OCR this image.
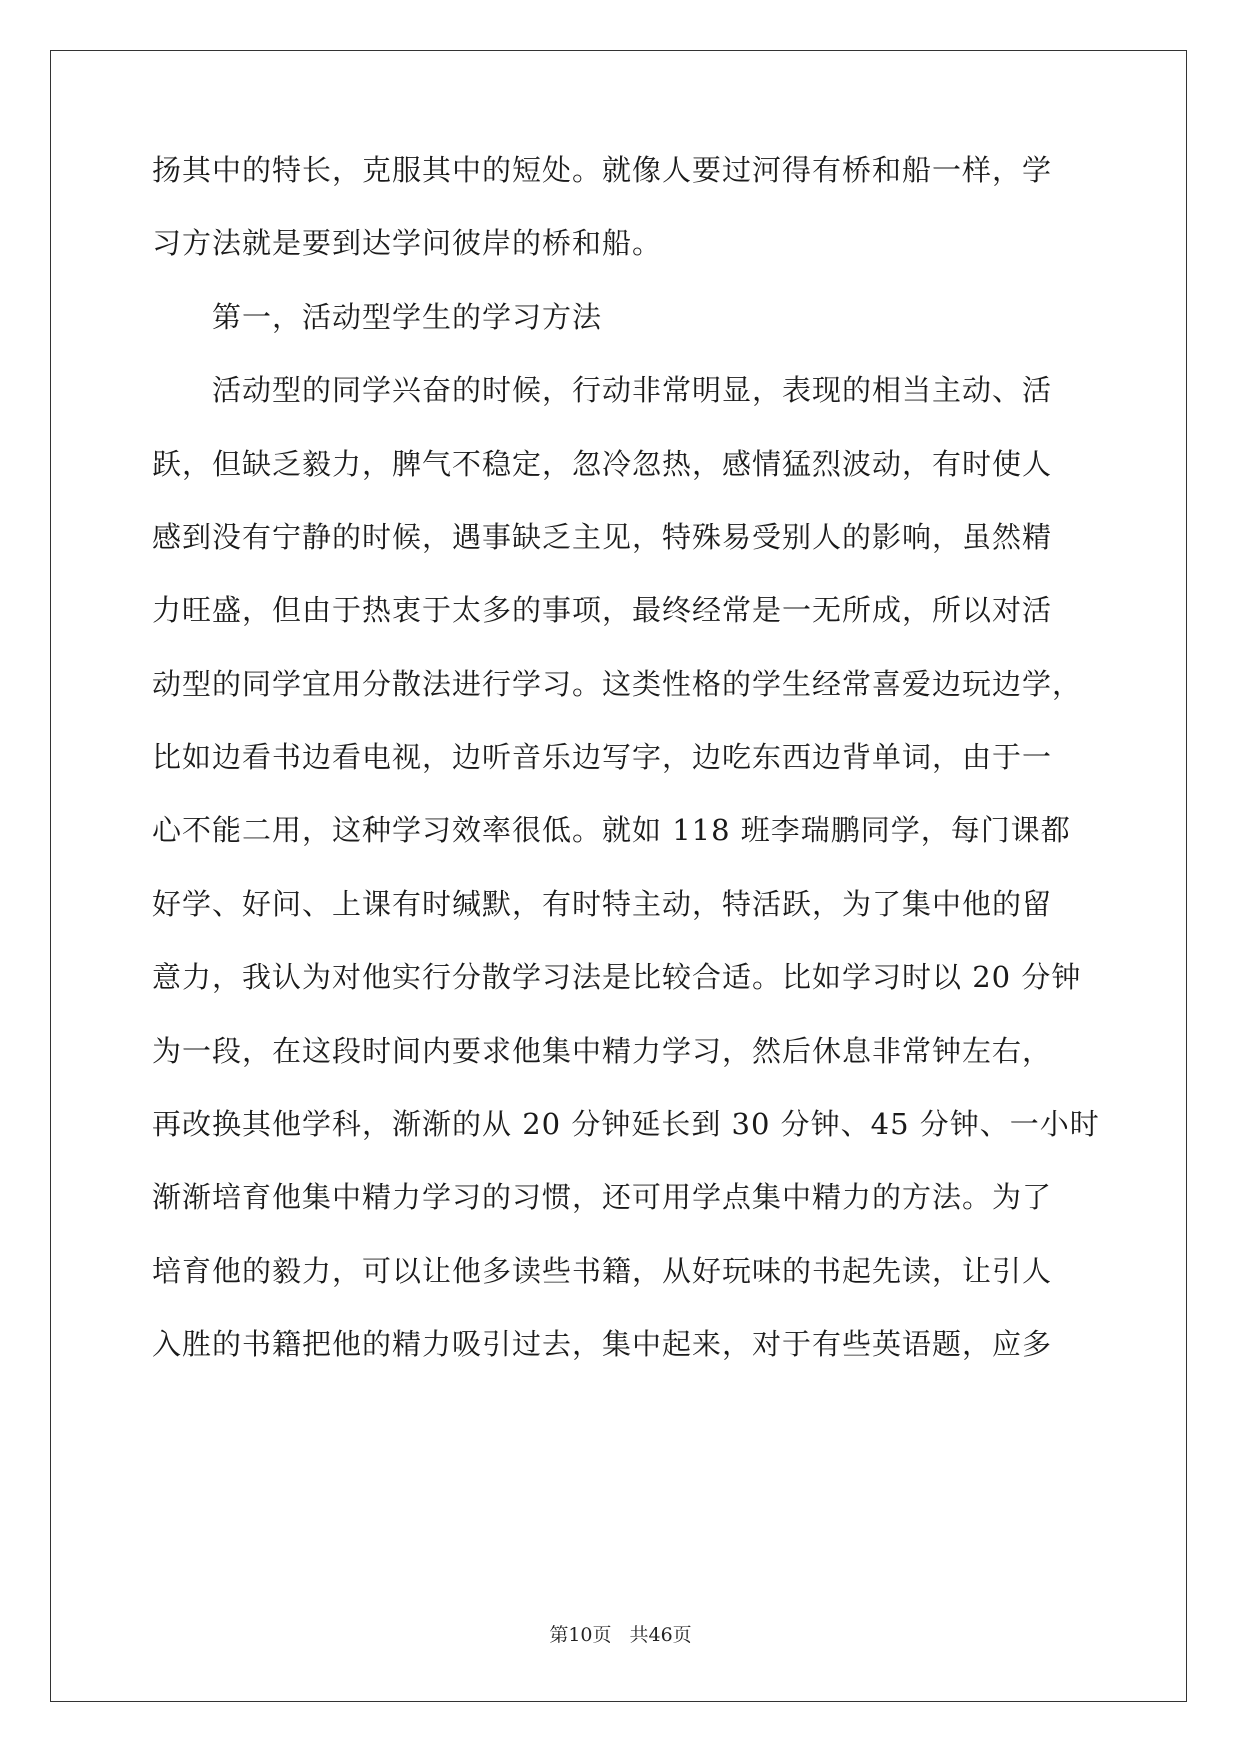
扬其中的特长，克服其中的短处。就像人要过河得有桥和船一样，学
习方法就是要到达学问彼岸的桥和船。
第一，活动型学生的学习方法
活动型的同学兴奋的时候，行动非常明显，表现的相当主动、活
跃，但缺乏毅力，脾气不稳定，忽冷忽热，感情猛烈波动，有时使人
感到没有宁静的时候，遇事缺乏主见，特殊易受别人的影响，虽然精
力旺盛，但由于热衷于太多的事项，最终经常是一无所成，所以对活
动型的同学宜用分散法进行学习。这类性格的学生经常喜爱边玩边学，
比如边看书边看电视，边听音乐边写字，边吃东西边背单词，由于一
心不能二用，这种学习效率很低。就如 118 班李瑞鹏同学，每门课都
好学、好问、上课有时缄默，有时特主动，特活跃，为了集中他的留
意力，我认为对他实行分散学习法是比较合适。比如学习时以 20 分钟
为一段，在这段时间内要求他集中精力学习，然后休息非常钟左右，
再改换其他学科，渐渐的从 20 分钟延长到 30 分钟、45 分钟、一小时
渐渐培育他集中精力学习的习惯，还可用学点集中精力的方法。为了
培育他的毅力，可以让他多读些书籍，从好玩味的书起先读，让引人
入胜的书籍把他的精力吸引过去，集中起来，对于有些英语题，应多
第10页 共46页
